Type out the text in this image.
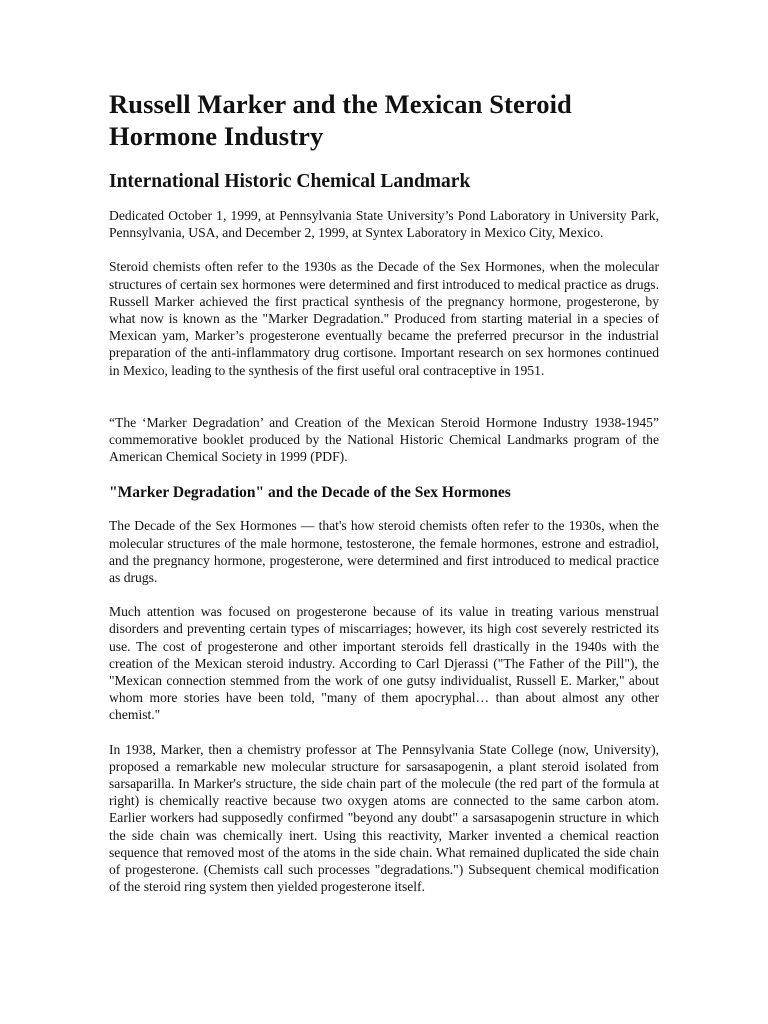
Russell Marker and the Mexican Steroid Hormone Industry
International Historic Chemical Landmark

Dedicated October 1, 1999, at Pennsylvania State University’s Pond Laboratory in University Park, Pennsylvania, USA, and December 2, 1999, at Syntex Laboratory in Mexico City, Mexico.

Steroid chemists often refer to the 1930s as the Decade of the Sex Hormones, when the molecular structures of certain sex hormones were determined and first introduced to medical practice as drugs. Russell Marker achieved the first practical synthesis of the pregnancy hormone, progesterone, by what now is known as the "Marker Degradation." Produced from starting material in a species of Mexican yam, Marker’s progesterone eventually became the preferred precursor in the industrial preparation of the anti-inflammatory drug cortisone. Important research on sex hormones continued in Mexico, leading to the synthesis of the first useful oral contraceptive in 1951.

“The ‘Marker Degradation’ and Creation of the Mexican Steroid Hormone Industry 1938-1945” commemorative booklet produced by the National Historic Chemical Landmarks program of the American Chemical Society in 1999 (PDF).

"Marker Degradation" and the Decade of the Sex Hormones

The Decade of the Sex Hormones — that's how steroid chemists often refer to the 1930s, when the molecular structures of the male hormone, testosterone, the female hormones, estrone and estradiol, and the pregnancy hormone, progesterone, were determined and first introduced to medical practice as drugs.

Much attention was focused on progesterone because of its value in treating various menstrual disorders and preventing certain types of miscarriages; however, its high cost severely restricted its use. The cost of progesterone and other important steroids fell drastically in the 1940s with the creation of the Mexican steroid industry. According to Carl Djerassi ("The Father of the Pill"), the "Mexican connection stemmed from the work of one gutsy individualist, Russell E. Marker," about whom more stories have been told, "many of them apocryphal… than about almost any other chemist."

In 1938, Marker, then a chemistry professor at The Pennsylvania State College (now, University), proposed a remarkable new molecular structure for sarsasapogenin, a plant steroid isolated from sarsaparilla. In Marker's structure, the side chain part of the molecule (the red part of the formula at right) is chemically reactive because two oxygen atoms are connected to the same carbon atom. Earlier workers had supposedly confirmed "beyond any doubt" a sarsasapogenin structure in which the side chain was chemically inert. Using this reactivity, Marker invented a chemical reaction sequence that removed most of the atoms in the side chain. What remained duplicated the side chain of progesterone. (Chemists call such processes "degradations.") Subsequent chemical modification of the steroid ring system then yielded progesterone itself.
